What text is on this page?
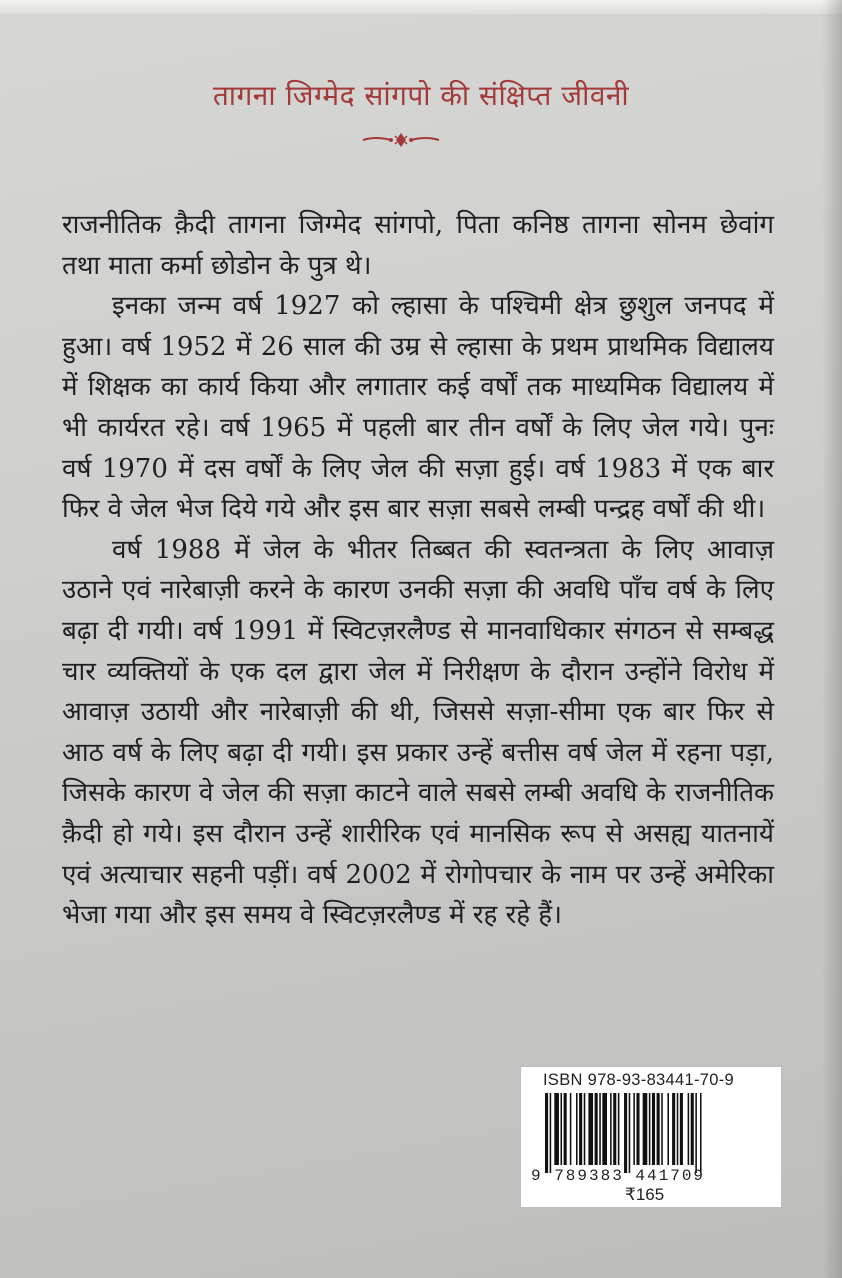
तागना जिग्मेद सांगपो की संक्षिप्त जीवनी

राजनीतिक क़ैदी तागना जिग्मेद सांगपो, पिता कनिष्ठ तागना सोनम छेवांग तथा माता कर्मा छोडोन के पुत्र थे।

इनका जन्म वर्ष 1927 को ल्हासा के पश्चिमी क्षेत्र छुशुल जनपद में हुआ। वर्ष 1952 में 26 साल की उम्र से ल्हासा के प्रथम प्राथमिक विद्यालय में शिक्षक का कार्य किया और लगातार कई वर्षों तक माध्यमिक विद्यालय में भी कार्यरत रहे। वर्ष 1965 में पहली बार तीन वर्षों के लिए जेल गये। पुनः वर्ष 1970 में दस वर्षों के लिए जेल की सज़ा हुई। वर्ष 1983 में एक बार फिर वे जेल भेज दिये गये और इस बार सज़ा सबसे लम्बी पन्द्रह वर्षों की थी।

वर्ष 1988 में जेल के भीतर तिब्बत की स्वतन्त्रता के लिए आवाज़ उठाने एवं नारेबाज़ी करने के कारण उनकी सज़ा की अवधि पाँच वर्ष के लिए बढ़ा दी गयी। वर्ष 1991 में स्विटज़रलैण्ड से मानवाधिकार संगठन से सम्बद्ध चार व्यक्तियों के एक दल द्वारा जेल में निरीक्षण के दौरान उन्होंने विरोध में आवाज़ उठायी और नारेबाज़ी की थी, जिससे सज़ा-सीमा एक बार फिर से आठ वर्ष के लिए बढ़ा दी गयी। इस प्रकार उन्हें बत्तीस वर्ष जेल में रहना पड़ा, जिसके कारण वे जेल की सज़ा काटने वाले सबसे लम्बी अवधि के राजनीतिक क़ैदी हो गये। इस दौरान उन्हें शारीरिक एवं मानसिक रूप से असह्य यातनायें एवं अत्याचार सहनी पड़ीं। वर्ष 2002 में रोगोपचार के नाम पर उन्हें अमेरिका भेजा गया और इस समय वे स्विटज़रलैण्ड में रह रहे हैं।

ISBN 978-93-83441-70-9
9 789383 441709
₹165
